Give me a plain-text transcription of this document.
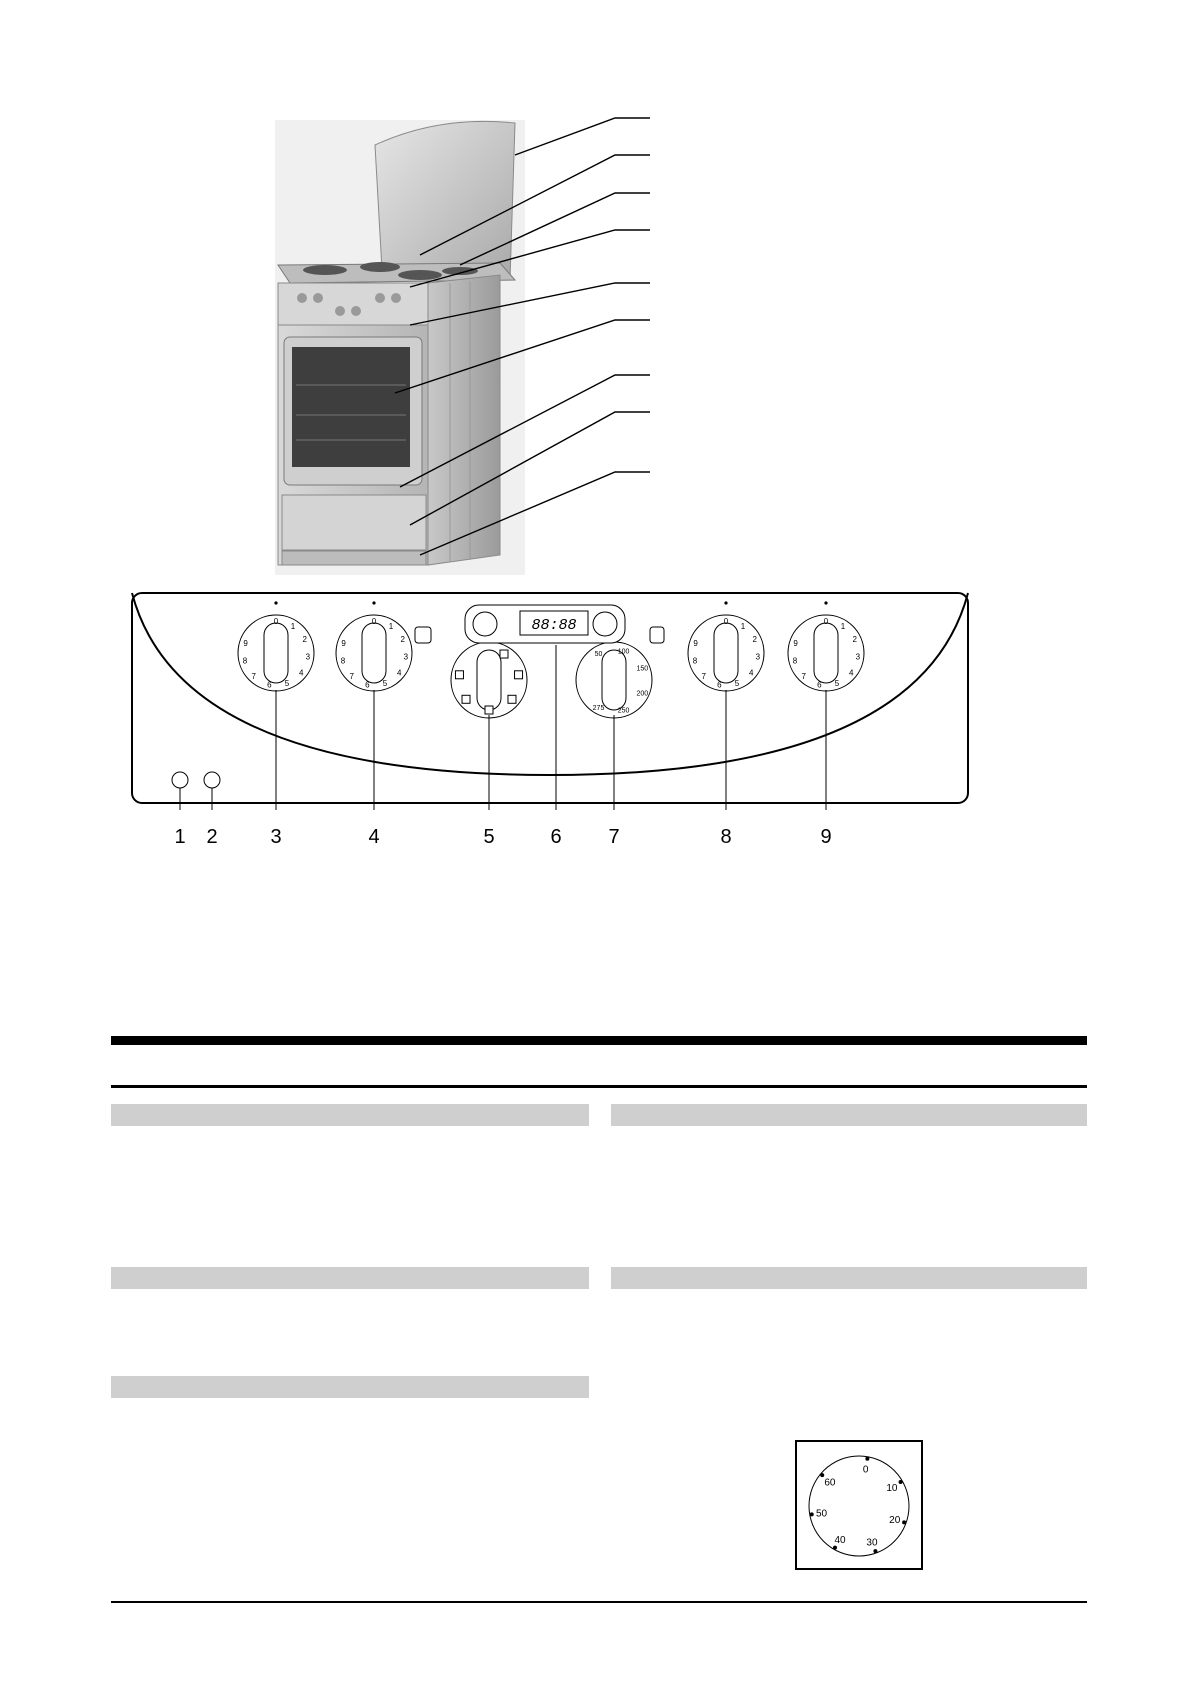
0
1
2
3
4
5
6
7
8
9
0
1
2
3
4
5
6
7
8
9
0
1
2
3
4
5
6
7
8
9
0
1
2
3
4
5
6
7
8
9
50 100
150
200
250
275
88:88
1	2	3	4	5	6	7	8	9
0
10
20
30
40
50
60
